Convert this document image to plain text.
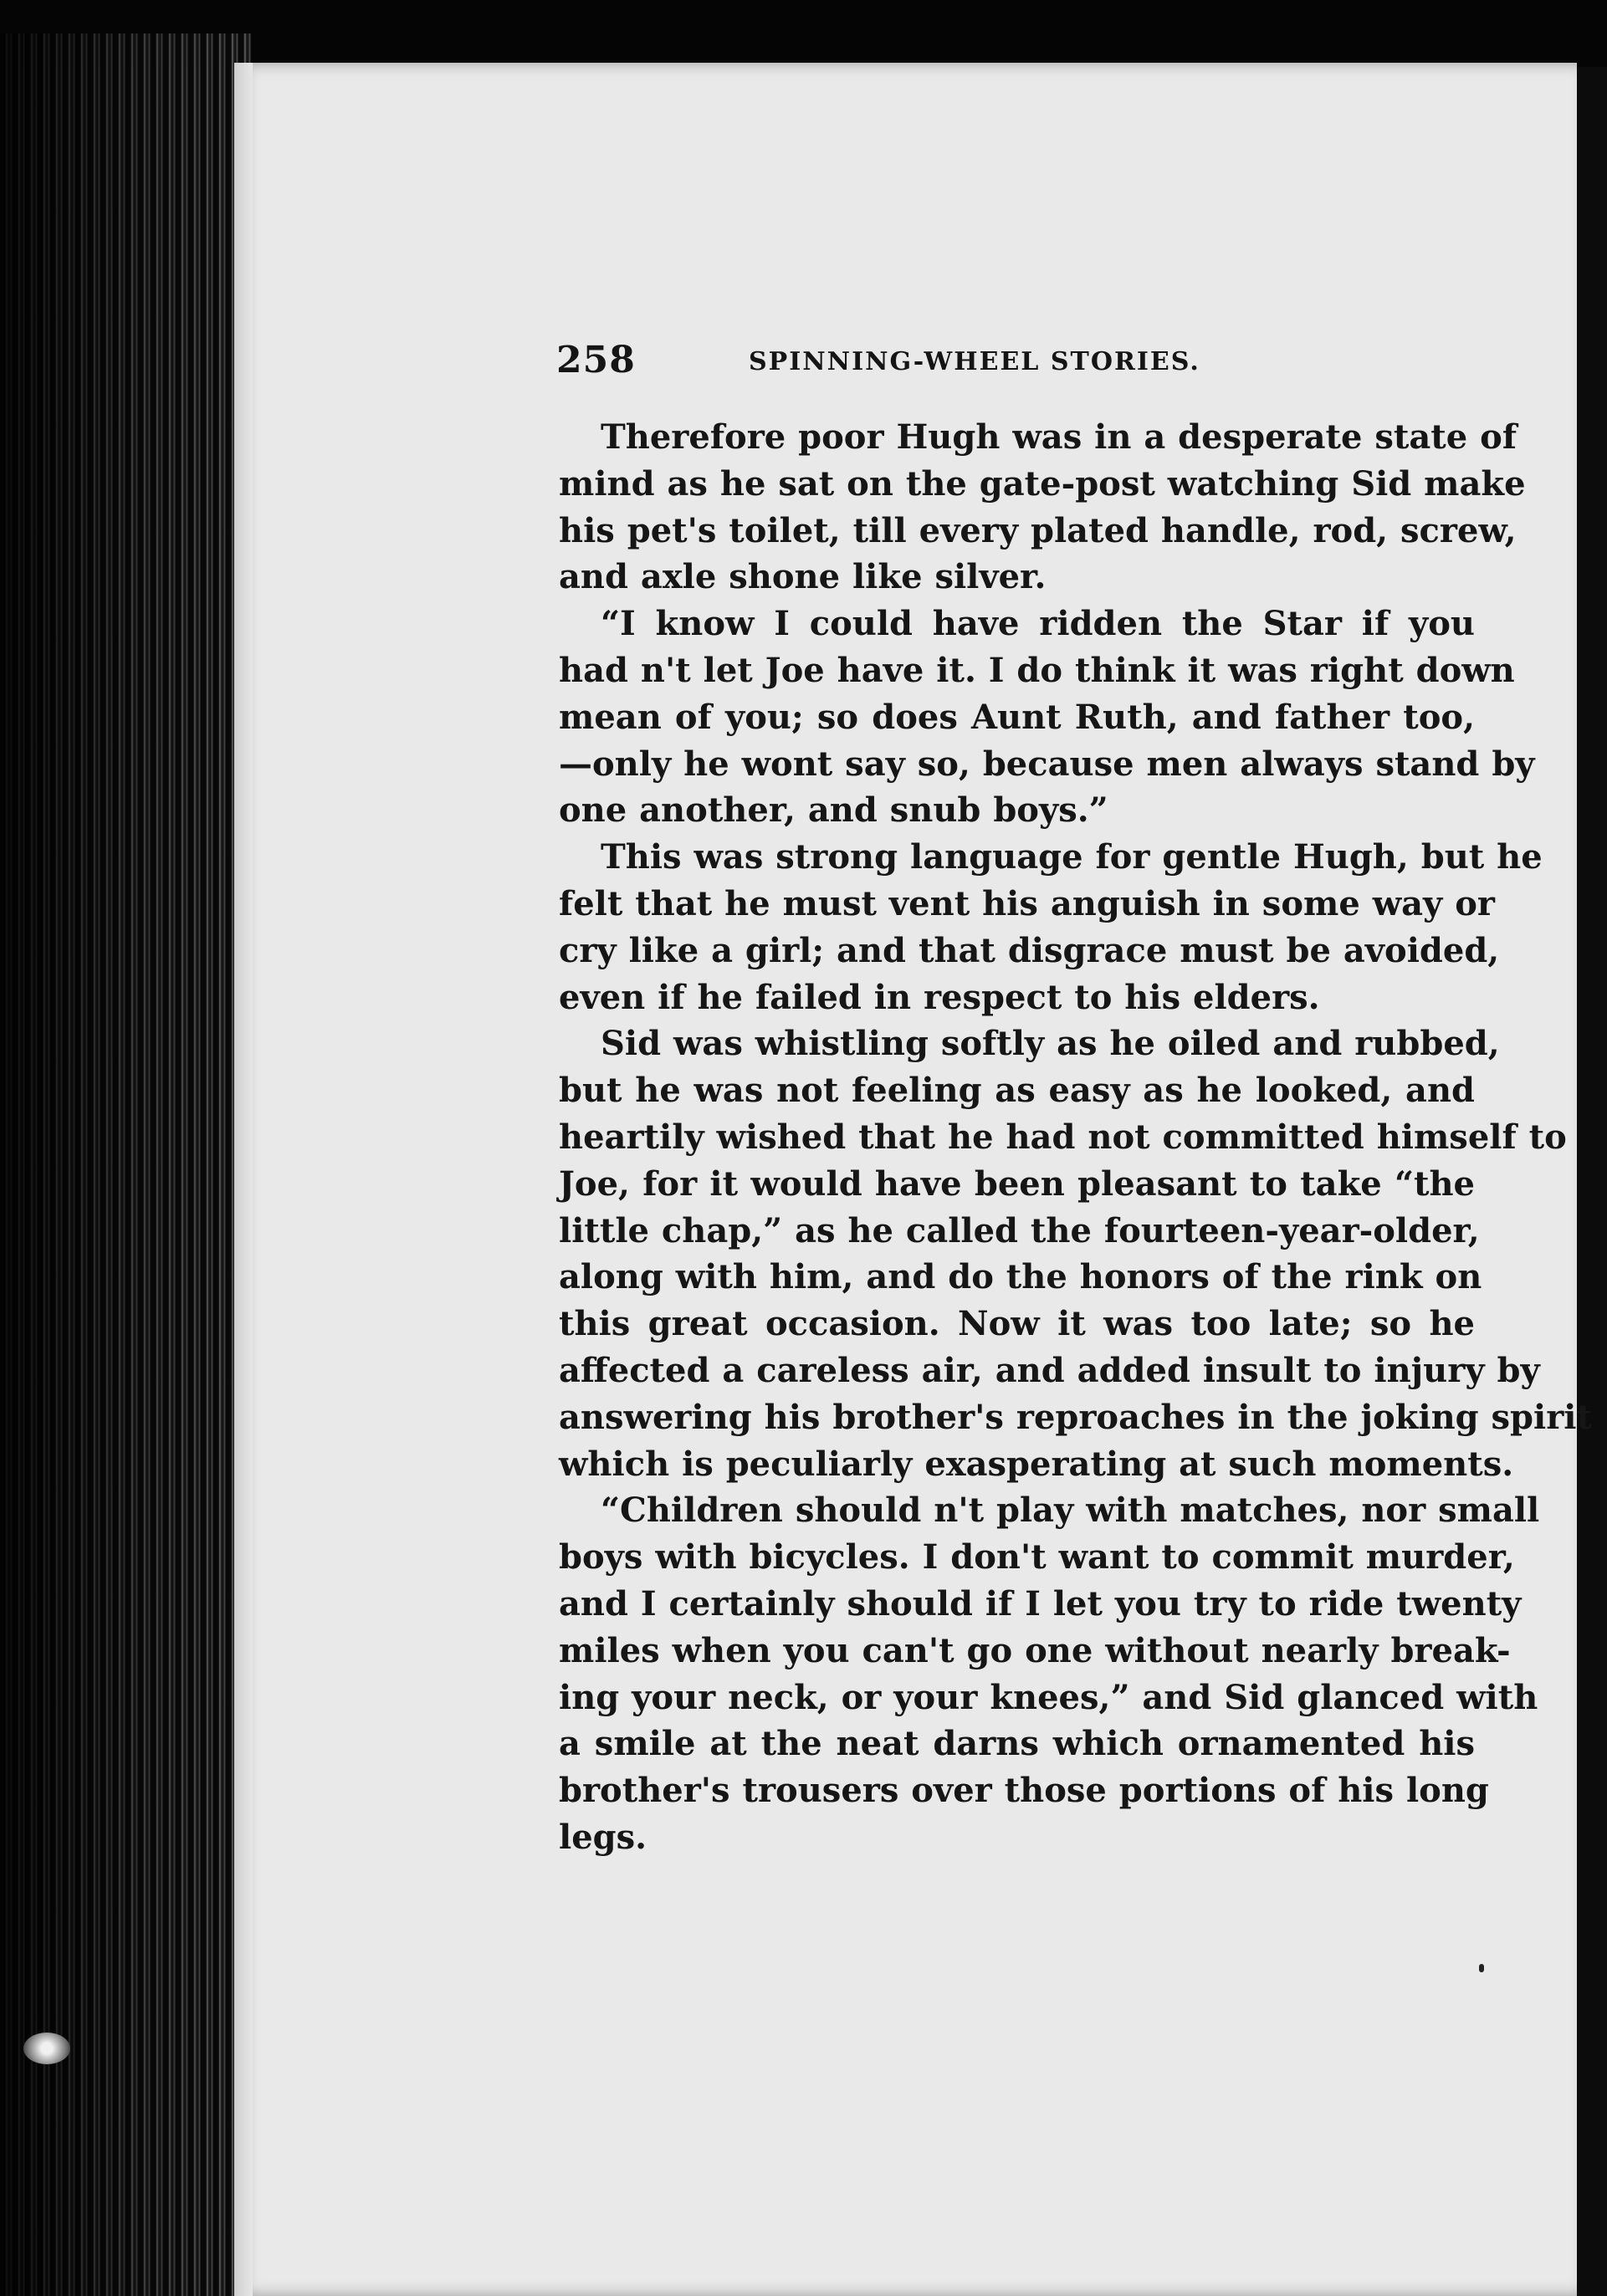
258	SPINNING-WHEEL STORIES.
Therefore poor Hugh was in a desperate state of
mind as he sat on the gate-post watching Sid make
his pet's toilet, till every plated handle, rod, screw,
and axle shone like silver.
“I know I could have ridden the Star if you
had n't let Joe have it. I do think it was right down
mean of you; so does Aunt Ruth, and father too,
—only he wont say so, because men always stand by
one another, and snub boys.”
This was strong language for gentle Hugh, but he
felt that he must vent his anguish in some way or
cry like a girl; and that disgrace must be avoided,
even if he failed in respect to his elders.
Sid was whistling softly as he oiled and rubbed,
but he was not feeling as easy as he looked, and
heartily wished that he had not committed himself to
Joe, for it would have been pleasant to take “the
little chap,” as he called the fourteen-year-older,
along with him, and do the honors of the rink on
this great occasion. Now it was too late; so he
affected a careless air, and added insult to injury by
answering his brother's reproaches in the joking spirit
which is peculiarly exasperating at such moments.
“Children should n't play with matches, nor small
boys with bicycles. I don't want to commit murder,
and I certainly should if I let you try to ride twenty
miles when you can't go one without nearly break-
ing your neck, or your knees,” and Sid glanced with
a smile at the neat darns which ornamented his
brother's trousers over those portions of his long
legs.
